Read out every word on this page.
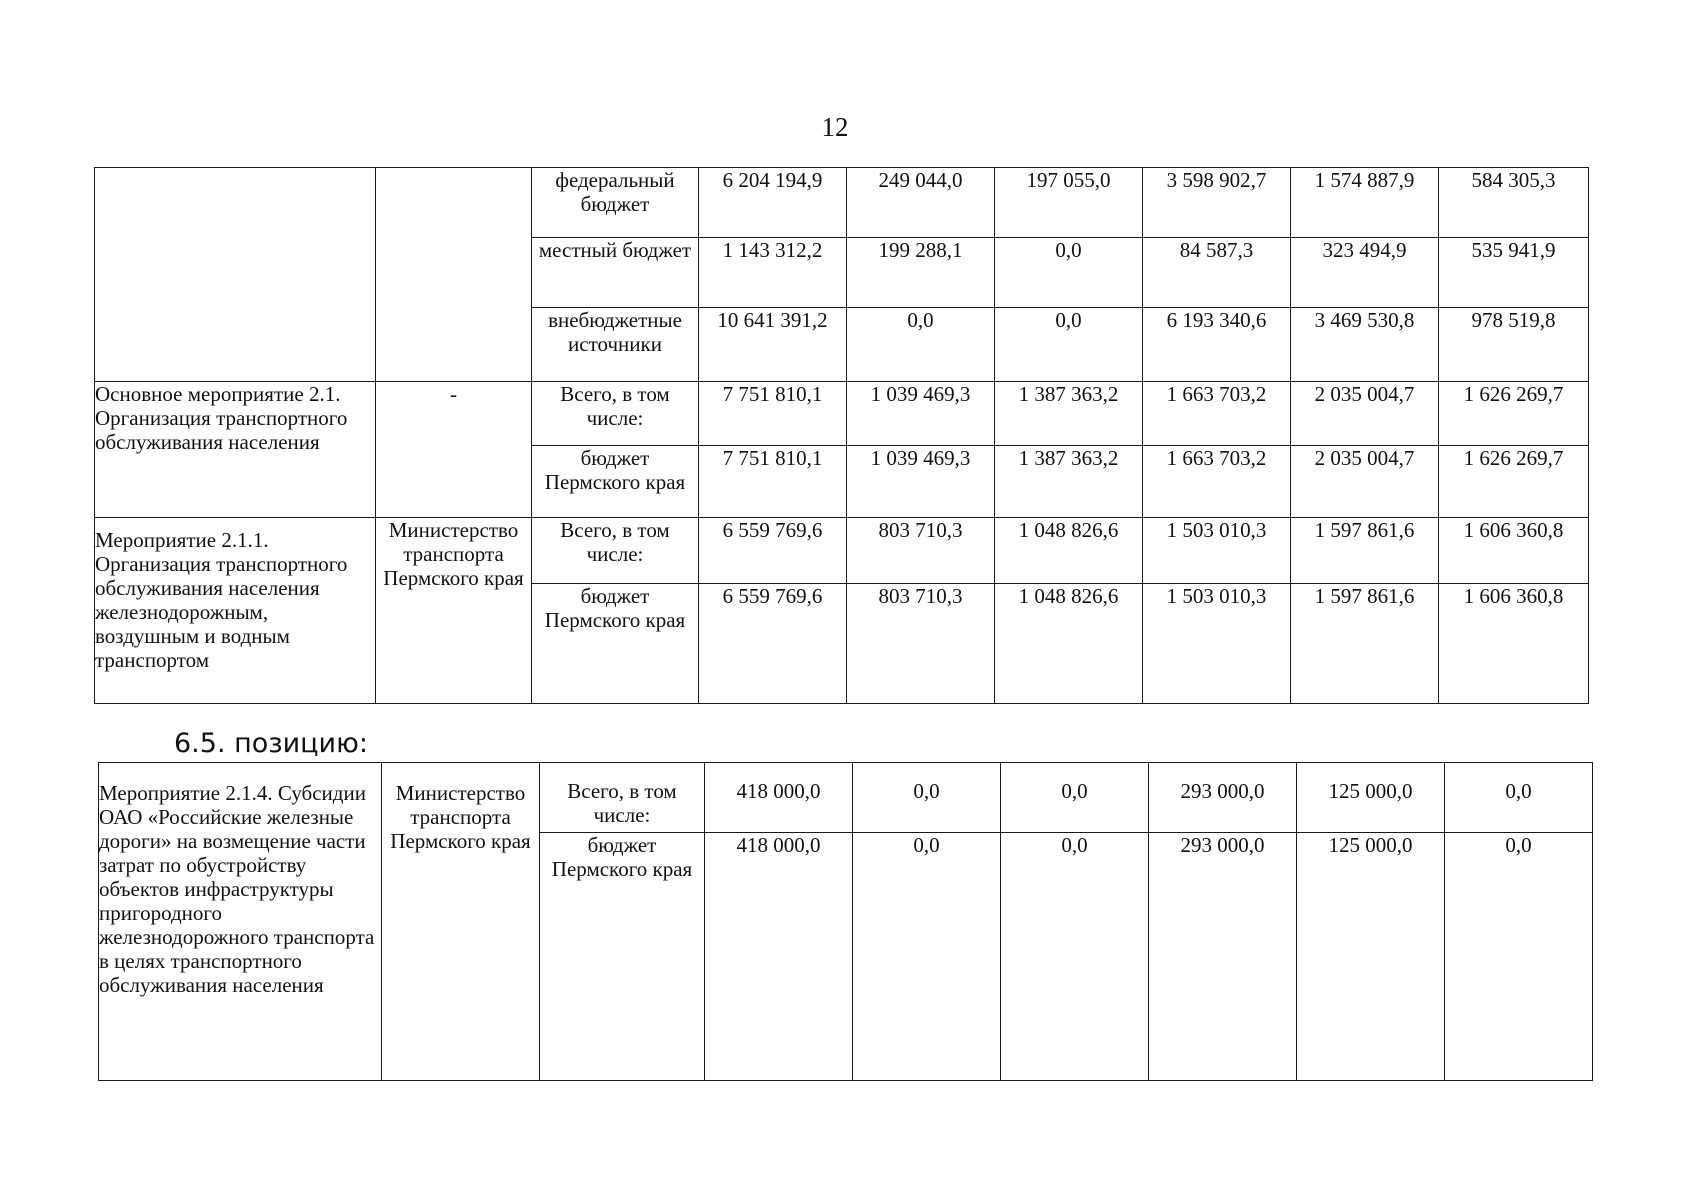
12
		федеральный бюджет	6 204 194,9	249 044,0	197 055,0	3 598 902,7	1 574 887,9	584 305,3
		местный бюджет	1 143 312,2	199 288,1	0,0	84 587,3	323 494,9	535 941,9
		внебюджетные источники	10 641 391,2	0,0	0,0	6 193 340,6	3 469 530,8	978 519,8
Основное мероприятие 2.1. Организация транспортного обслуживания населения	-	Всего, в том числе:	7 751 810,1	1 039 469,3	1 387 363,2	1 663 703,2	2 035 004,7	1 626 269,7
		бюджет Пермского края	7 751 810,1	1 039 469,3	1 387 363,2	1 663 703,2	2 035 004,7	1 626 269,7
Мероприятие 2.1.1. Организация транспортного обслуживания населения железнодорожным, воздушным и водным транспортом	Министерство транспорта Пермского края	Всего, в том числе:	6 559 769,6	803 710,3	1 048 826,6	1 503 010,3	1 597 861,6	1 606 360,8
		бюджет Пермского края	6 559 769,6	803 710,3	1 048 826,6	1 503 010,3	1 597 861,6	1 606 360,8
6.5. позицию:
Мероприятие 2.1.4. Субсидии ОАО «Российские железные дороги» на возмещение части затрат по обустройству объектов инфраструктуры пригородного железнодорожного транспорта в целях транспортного обслуживания населения	Министерство транспорта Пермского края	Всего, в том числе:	418 000,0	0,0	0,0	293 000,0	125 000,0	0,0
		бюджет Пермского края	418 000,0	0,0	0,0	293 000,0	125 000,0	0,0
